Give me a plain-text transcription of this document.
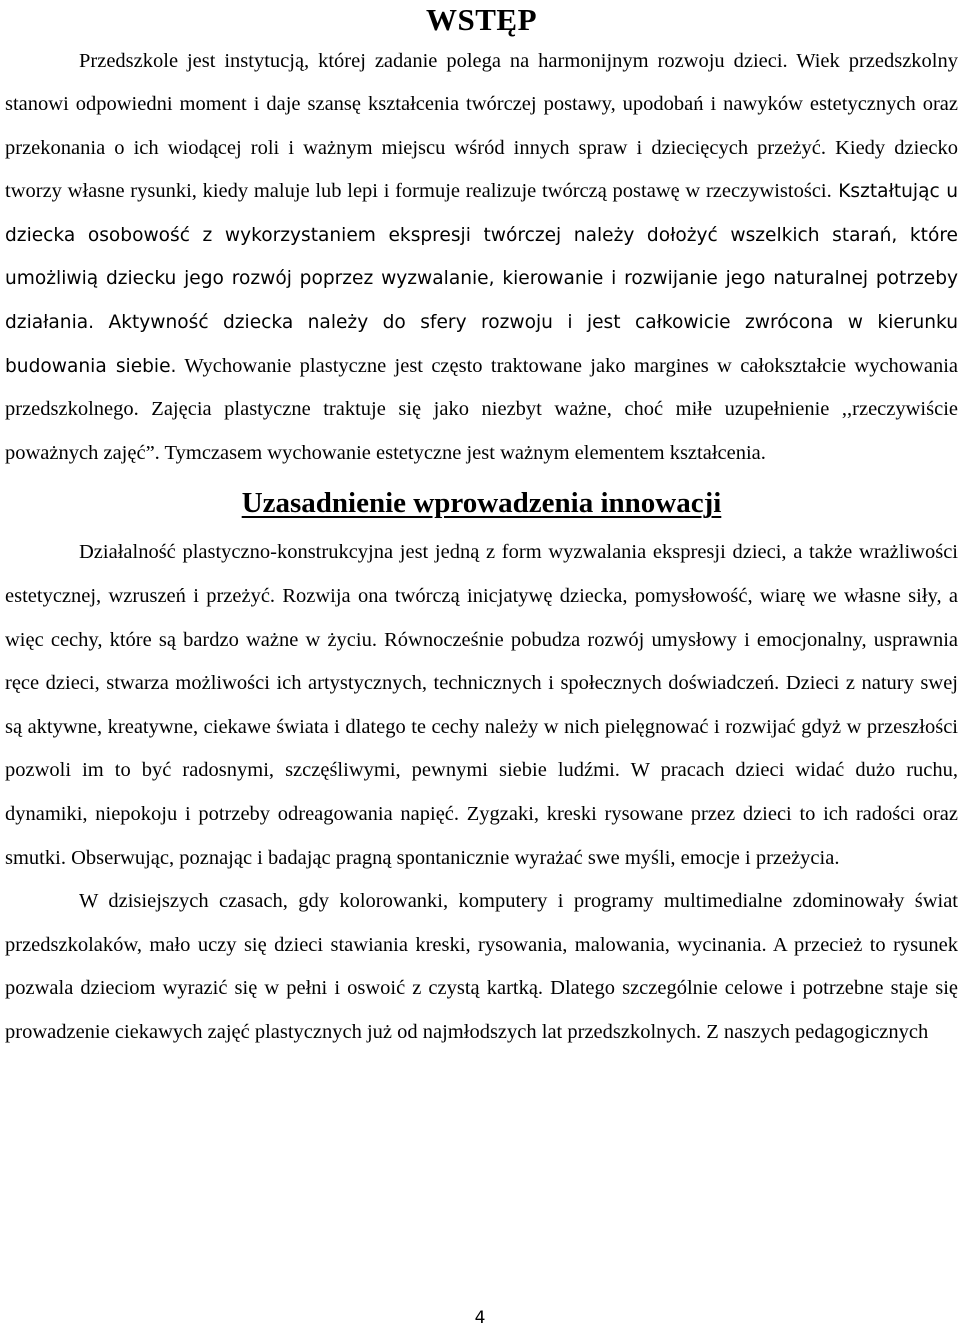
WSTĘP

Przedszkole jest instytucją, której zadanie polega na harmonijnym rozwoju dzieci. Wiek przedszkolny stanowi odpowiedni moment i daje szansę kształcenia twórczej postawy, upodobań i nawyków estetycznych oraz przekonania o ich wiodącej roli i ważnym miejscu wśród innych spraw i dziecięcych przeżyć. Kiedy dziecko tworzy własne rysunki, kiedy maluje lub lepi i formuje realizuje twórczą postawę w rzeczywistości. Kształtując u dziecka osobowość z wykorzystaniem ekspresji twórczej należy dołożyć wszelkich starań, które umożliwią dziecku jego rozwój poprzez wyzwalanie, kierowanie i rozwijanie jego naturalnej potrzeby działania. Aktywność dziecka należy do sfery rozwoju i jest całkowicie zwrócona w kierunku budowania siebie. Wychowanie plastyczne jest często traktowane jako margines w całokształcie wychowania przedszkolnego. Zajęcia plastyczne traktuje się jako niezbyt ważne, choć miłe uzupełnienie ,,rzeczywiście poważnych zajęć”. Tymczasem wychowanie estetyczne jest ważnym elementem kształcenia.

Uzasadnienie wprowadzenia innowacji

Działalność plastyczno-konstrukcyjna jest jedną z form wyzwalania ekspresji dzieci, a także wrażliwości estetycznej, wzruszeń i przeżyć. Rozwija ona twórczą inicjatywę dziecka, pomysłowość, wiarę we własne siły, a więc cechy, które są bardzo ważne w życiu. Równocześnie pobudza rozwój umysłowy i emocjonalny, usprawnia ręce dzieci, stwarza możliwości ich artystycznych, technicznych i społecznych doświadczeń. Dzieci z natury swej są aktywne, kreatywne, ciekawe świata i dlatego te cechy należy w nich pielęgnować i rozwijać gdyż w przeszłości pozwoli im to być radosnymi, szczęśliwymi, pewnymi siebie ludźmi. W pracach dzieci widać dużo ruchu, dynamiki, niepokoju i potrzeby odreagowania napięć. Zygzaki, kreski rysowane przez dzieci to ich radości oraz smutki. Obserwując, poznając i badając pragną spontanicznie wyrażać swe myśli, emocje i przeżycia.

W dzisiejszych czasach, gdy kolorowanki, komputery i programy multimedialne zdominowały świat przedszkolaków, mało uczy się dzieci stawiania kreski, rysowania, malowania, wycinania. A przecież to rysunek pozwala dzieciom wyrazić się w pełni i oswoić z czystą kartką. Dlatego szczególnie celowe i potrzebne staje się prowadzenie ciekawych zajęć plastycznych już od najmłodszych lat przedszkolnych. Z naszych pedagogicznych

4
